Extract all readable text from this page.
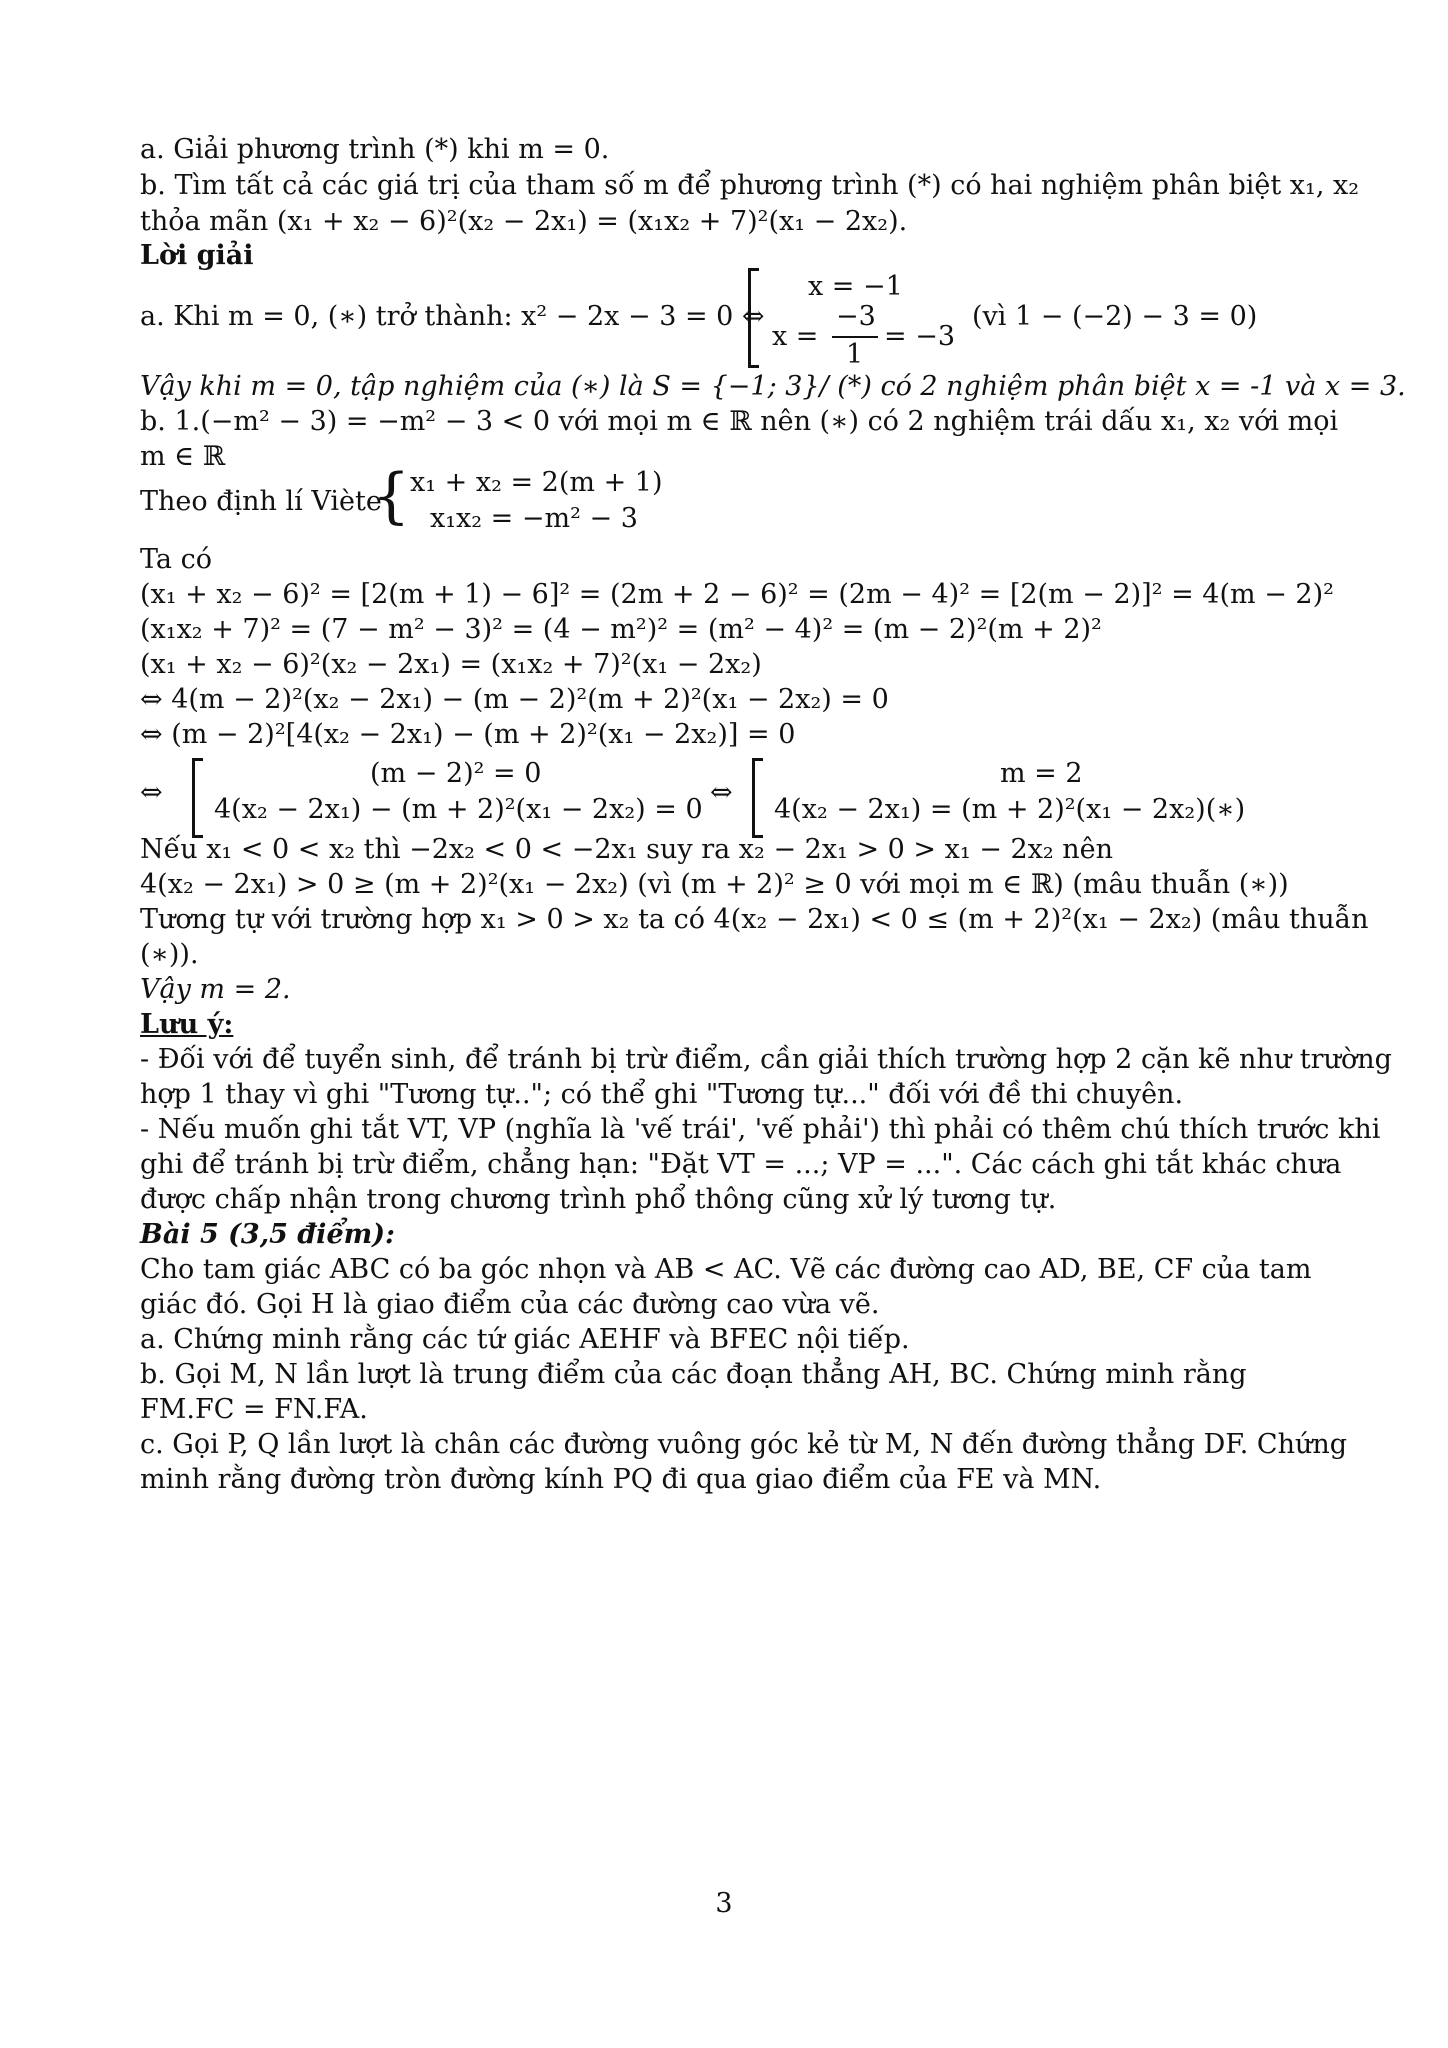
a. Giải phương trình (*) khi m = 0.
b. Tìm tất cả các giá trị của tham số m để phương trình (*) có hai nghiệm phân biệt x₁, x₂
thỏa mãn (x₁ + x₂ − 6)²(x₂ − 2x₁) = (x₁x₂ + 7)²(x₁ − 2x₂).
Lời giải
a. Khi m = 0, (∗) trở thành: x² − 2x − 3 = 0 ⇔
x = −1
x =
−3
1
= −3
(vì 1 − (−2) − 3 = 0)
Vậy khi m = 0, tập nghiệm của (∗) là S = {−1; 3}/ (*) có 2 nghiệm phân biệt x = -1 và x = 3.
b. 1.(−m² − 3) = −m² − 3 < 0 với mọi m ∈ ℝ nên (∗) có 2 nghiệm trái dấu x₁, x₂ với mọi
m ∈ ℝ
Theo định lí Viète
{ x₁ + x₂ = 2(m + 1)
x₁x₂ = −m² − 3
Ta có
(x₁ + x₂ − 6)² = [2(m + 1) − 6]² = (2m + 2 − 6)² = (2m − 4)² = [2(m − 2)]² = 4(m − 2)²
(x₁x₂ + 7)² = (7 − m² − 3)² = (4 − m²)² = (m² − 4)² = (m − 2)²(m + 2)²
(x₁ + x₂ − 6)²(x₂ − 2x₁) = (x₁x₂ + 7)²(x₁ − 2x₂)
⇔ 4(m − 2)²(x₂ − 2x₁) − (m − 2)²(m + 2)²(x₁ − 2x₂) = 0
⇔ (m − 2)²[4(x₂ − 2x₁) − (m + 2)²(x₁ − 2x₂)] = 0
⇔
(m − 2)² = 0
4(x₂ − 2x₁) − (m + 2)²(x₁ − 2x₂) = 0
⇔
m = 2
4(x₂ − 2x₁) = (m + 2)²(x₁ − 2x₂)(∗)
Nếu x₁ < 0 < x₂ thì −2x₂ < 0 < −2x₁ suy ra x₂ − 2x₁ > 0 > x₁ − 2x₂ nên
4(x₂ − 2x₁) > 0 ≥ (m + 2)²(x₁ − 2x₂) (vì (m + 2)² ≥ 0 với mọi m ∈ ℝ) (mâu thuẫn (∗))
Tương tự với trường hợp x₁ > 0 > x₂ ta có 4(x₂ − 2x₁) < 0 ≤ (m + 2)²(x₁ − 2x₂) (mâu thuẫn
(∗)).
Vậy m = 2.
Lưu ý:
- Đối với để tuyển sinh, để tránh bị trừ điểm, cần giải thích trường hợp 2 cặn kẽ như trường
hợp 1 thay vì ghi "Tương tự.."; có thể ghi "Tương tự..." đối với đề thi chuyên.
- Nếu muốn ghi tắt VT, VP (nghĩa là 'vế trái', 'vế phải') thì phải có thêm chú thích trước khi
ghi để tránh bị trừ điểm, chẳng hạn: "Đặt VT = ...; VP = ...". Các cách ghi tắt khác chưa
được chấp nhận trong chương trình phổ thông cũng xử lý tương tự.
Bài 5 (3,5 điểm):
Cho tam giác ABC có ba góc nhọn và AB < AC. Vẽ các đường cao AD, BE, CF của tam
giác đó. Gọi H là giao điểm của các đường cao vừa vẽ.
a. Chứng minh rằng các tứ giác AEHF và BFEC nội tiếp.
b. Gọi M, N lần lượt là trung điểm của các đoạn thẳng AH, BC. Chứng minh rằng
FM.FC = FN.FA.
c. Gọi P, Q lần lượt là chân các đường vuông góc kẻ từ M, N đến đường thẳng DF. Chứng
minh rằng đường tròn đường kính PQ đi qua giao điểm của FE và MN.
3
